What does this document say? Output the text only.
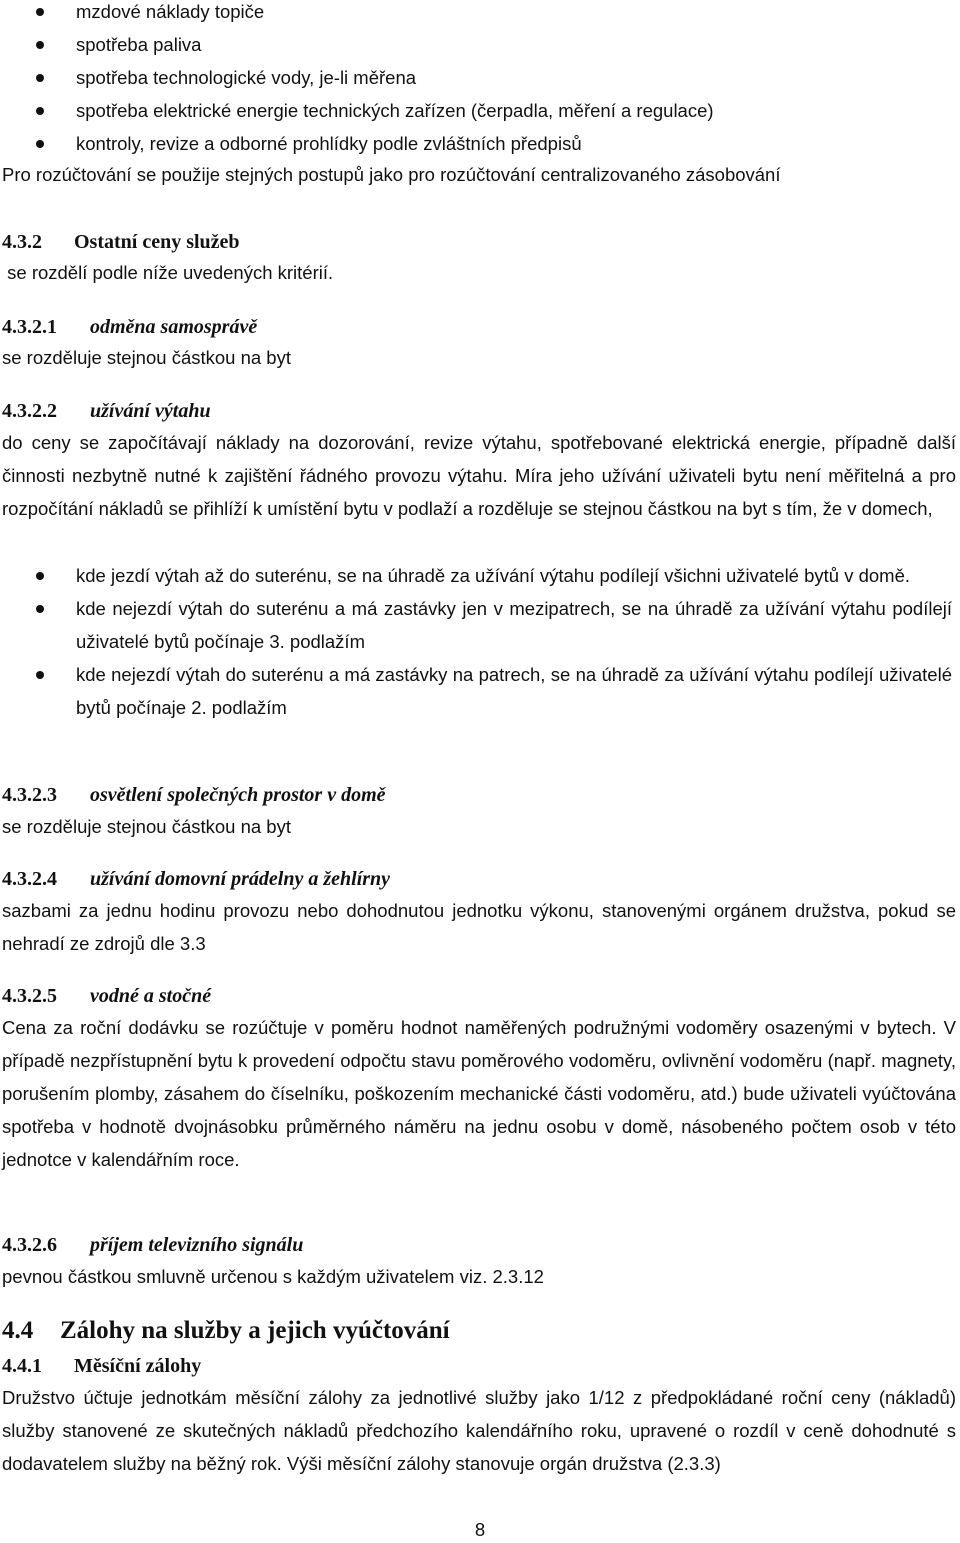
mzdové náklady topiče
spotřeba paliva
spotřeba technologické vody, je-li měřena
spotřeba elektrické energie technických zařízen (čerpadla, měření a regulace)
kontroly, revize a odborné prohlídky podle zvláštních předpisů

Pro rozúčtování se použije stejných postupů jako pro rozúčtování centralizovaného zásobování

4.3.2 Ostatní ceny služeb

se rozdělí podle níže uvedených kritérií.

4.3.2.1 odměna samosprávě

se rozděluje stejnou částkou na byt

4.3.2.2 užívání výtahu

do ceny se započítávají náklady na dozorování, revize výtahu, spotřebované elektrická energie, případně další činnosti nezbytně nutné k zajištění řádného provozu výtahu. Míra jeho užívání uživateli bytu není měřitelná a pro rozpočítání nákladů se přihlíží k umístění bytu v podlaží a rozděluje se stejnou částkou na byt s tím, že v domech,

kde jezdí výtah až do suterénu, se na úhradě za užívání výtahu podílejí všichni uživatelé bytů v domě.
kde nejezdí výtah do suterénu a má zastávky jen v mezipatrech, se na úhradě za užívání výtahu podílejí uživatelé bytů počínaje 3. podlažím
kde nejezdí výtah do suterénu a má zastávky na patrech, se na úhradě za užívání výtahu podílejí uživatelé bytů počínaje 2. podlažím
4.3.2.3 osvětlení společných prostor v domě

se rozděluje stejnou částkou na byt

4.3.2.4 užívání domovní prádelny a žehlírny

sazbami za jednu hodinu provozu nebo dohodnutou jednotku výkonu, stanovenými orgánem družstva, pokud se nehradí ze zdrojů dle 3.3

4.3.2.5 vodné a stočné

Cena za roční dodávku se rozúčtuje v poměru hodnot naměřených podružnými vodoměry osazenými v bytech. V případě nezpřístupnění bytu k provedení odpočtu stavu poměrového vodoměru, ovlivnění vodoměru (např. magnety, porušením plomby, zásahem do číselníku, poškozením mechanické části vodoměru, atd.) bude uživateli vyúčtována spotřeba v hodnotě dvojnásobku průměrného náměru na jednu osobu v domě, násobeného počtem osob v této jednotce v kalendářním roce.

4.3.2.6 příjem televizního signálu

pevnou částkou smluvně určenou s každým uživatelem viz. 2.3.12

4.4 Zálohy na služby a jejich vyúčtování
4.4.1 Měsíční zálohy

Družstvo účtuje jednotkám měsíční zálohy za jednotlivé služby jako 1/12 z předpokládané roční ceny (nákladů) služby stanovené ze skutečných nákladů předchozího kalendářního roku, upravené o rozdíl v ceně dohodnuté s dodavatelem služby na běžný rok. Výši měsíční zálohy stanovuje orgán družstva (2.3.3)

8
